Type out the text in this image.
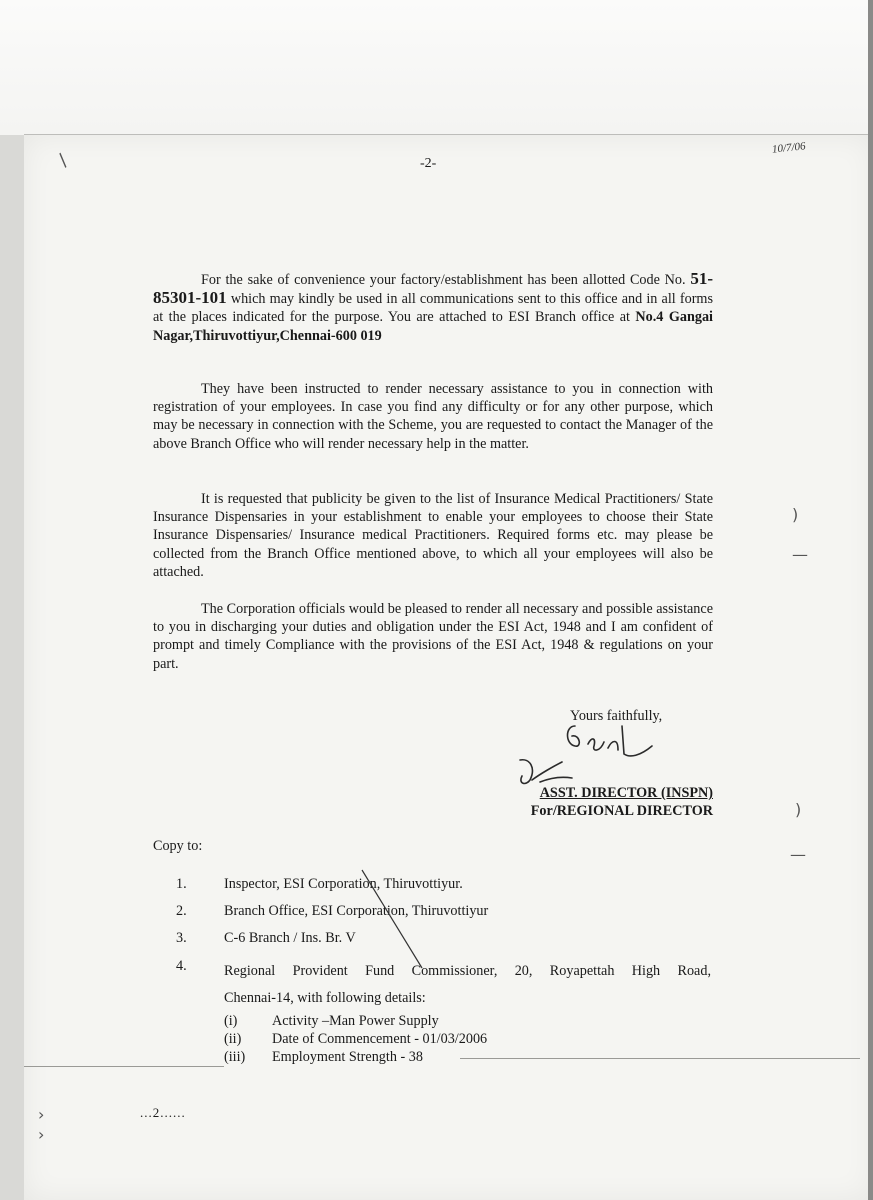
/
)
—
)
—
›
›
-2-
10/7/06
For the sake of convenience your factory/establishment has been allotted Code No. 51-85301-101 which may kindly be used in all communications sent to this office and in all forms at the places indicated for the purpose. You are attached to ESI Branch office at No.4 Gangai Nagar,Thiruvottiyur,Chennai-600 019
They have been instructed to render necessary assistance to you in connection with registration of your employees. In case you find any difficulty or for any other purpose, which may be necessary in connection with the Scheme, you are requested to contact the Manager of the above Branch Office who will render necessary help in the matter.
It is requested that publicity be given to the list of Insurance Medical Practitioners/ State Insurance Dispensaries in your establishment to enable your employees to choose their State Insurance Dispensaries/ Insurance medical Practitioners. Required forms etc. may please be collected from the Branch Office mentioned above, to which all your employees will also be attached.
The Corporation officials would be pleased to render all necessary and possible assistance to you in discharging your duties and obligation under the ESI Act, 1948 and I am confident of prompt and timely Compliance with the provisions of the ESI Act, 1948 & regulations on your part.
Yours faithfully,
ASST. DIRECTOR (INSPN)
For/REGIONAL DIRECTOR
Copy to:
1.	Inspector, ESI Corporation, Thiruvottiyur.
2.	Branch Office, ESI Corporation, Thiruvottiyur
3.	C-6 Branch / Ins. Br. V
4.	Regional Provident Fund Commissioner, 20, Royapettah High Road,
Chennai-14, with following details:
(i) Activity –Man Power Supply
(ii) Date of Commencement - 01/03/2006
(iii) Employment Strength - 38
...2......
